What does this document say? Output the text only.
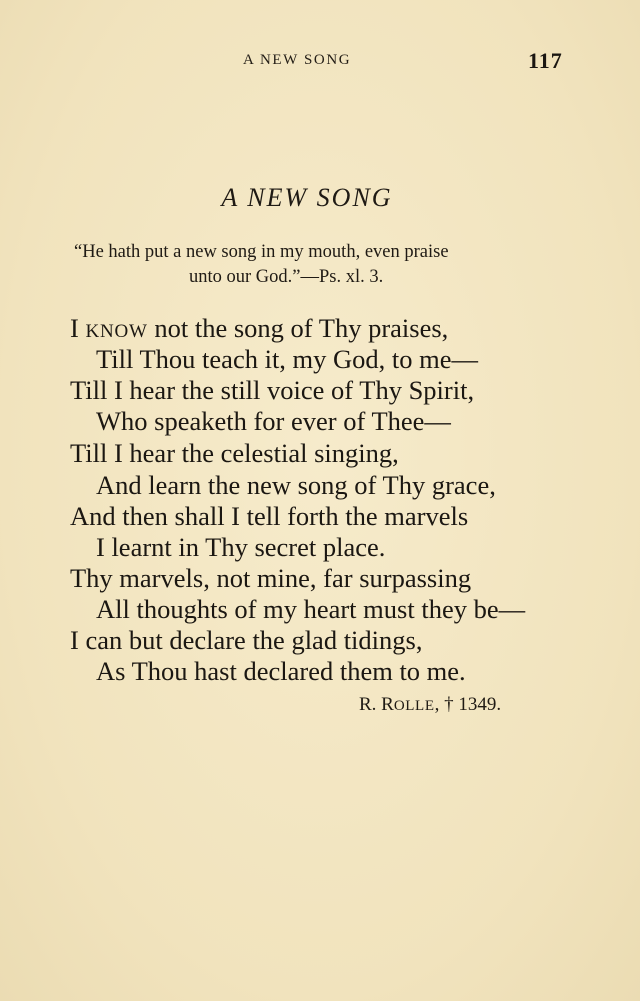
A NEW SONG	117
A NEW SONG
“He hath put a new song in my mouth, even praise
unto our God.”—Ps. xl. 3.
I KNOW not the song of Thy praises,
Till Thou teach it, my God, to me—
Till I hear the still voice of Thy Spirit,
Who speaketh for ever of Thee—
Till I hear the celestial singing,
And learn the new song of Thy grace,
And then shall I tell forth the marvels
I learnt in Thy secret place.
Thy marvels, not mine, far surpassing
All thoughts of my heart must they be—
I can but declare the glad tidings,
As Thou hast declared them to me.
R. ROLLE, † 1349.
